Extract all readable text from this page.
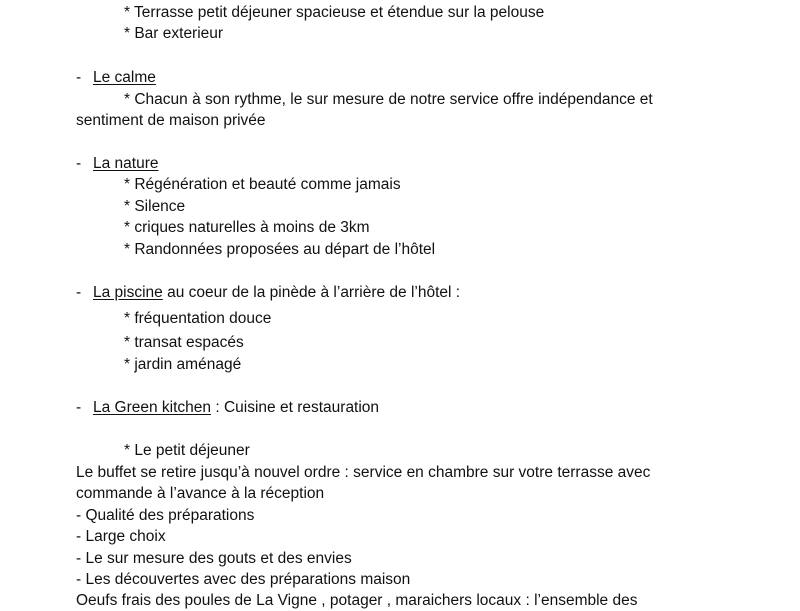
* Terrasse petit déjeuner spacieuse et étendue sur la pelouse
* Bar exterieur
- Le calme
* Chacun à son rythme, le sur mesure de notre service offre indépendance et
sentiment de maison privée
- La nature
* Régénération et beauté comme jamais
* Silence
* criques naturelles à moins de 3km
* Randonnées proposées au départ de l’hôtel
- La piscine au coeur de la pinède à l’arrière de l’hôtel :
* fréquentation douce
* transat espacés
* jardin aménagé
- La Green kitchen : Cuisine et restauration
* Le petit déjeuner
Le buffet se retire jusqu’à nouvel ordre : service en chambre sur votre terrasse avec
commande à l’avance à la réception
- Qualité des préparations
- Large choix
- Le sur mesure des gouts et des envies
- Les découvertes avec des préparations maison
Oeufs frais des poules de La Vigne , potager , maraichers locaux : l’ensemble des
